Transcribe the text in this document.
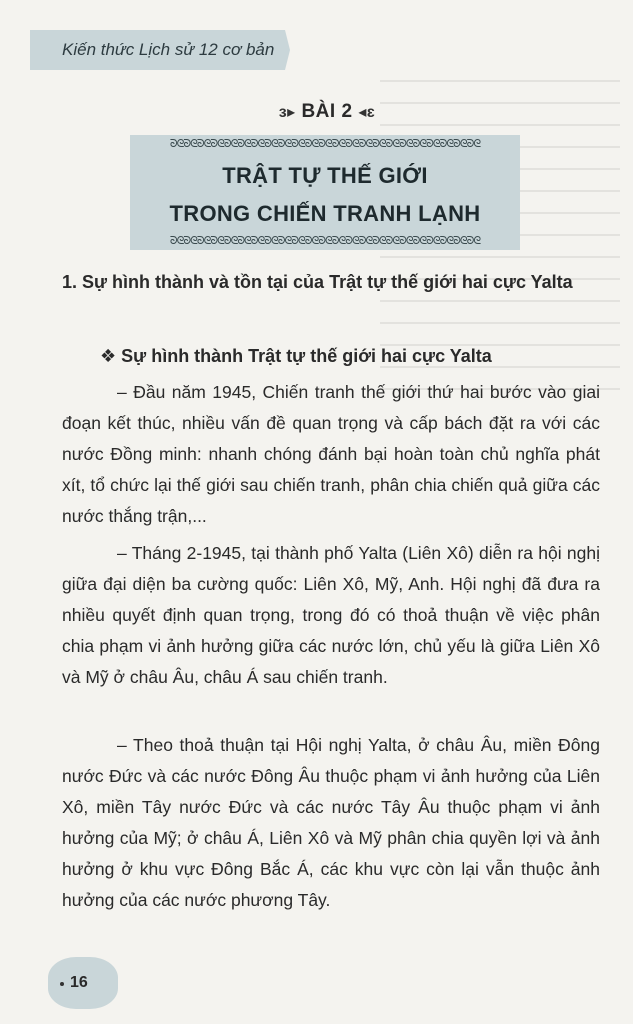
Kiến thức Lịch sử 12 cơ bản
ɜ▸ BÀI 2 ◂ɛ
ᘐᘓᘐᘓᘐᘓᘐᘓᘐᘓᘐᘓᘐᘓᘐᘓᘐᘓᘐᘓᘐᘓᘐᘓᘐᘓᘐᘓᘐᘓᘐᘓᘐᘓᘐᘓᘐᘓᘐᘓᘐᘓᘐᘓᘐᘓ
TRẬT TỰ THẾ GIỚI
TRONG CHIẾN TRANH LẠNH
ᘐᘓᘐᘓᘐᘓᘐᘓᘐᘓᘐᘓᘐᘓᘐᘓᘐᘓᘐᘓᘐᘓᘐᘓᘐᘓᘐᘓᘐᘓᘐᘓᘐᘓᘐᘓᘐᘓᘐᘓᘐᘓᘐᘓᘐᘓ
1. Sự hình thành và tồn tại của Trật tự thế giới hai cực Yalta
❖ Sự hình thành Trật tự thế giới hai cực Yalta
– Đầu năm 1945, Chiến tranh thế giới thứ hai bước vào giai đoạn kết thúc, nhiều vấn đề quan trọng và cấp bách đặt ra với các nước Đồng minh: nhanh chóng đánh bại hoàn toàn chủ nghĩa phát xít, tổ chức lại thế giới sau chiến tranh, phân chia chiến quả giữa các nước thắng trận,...
– Tháng 2-1945, tại thành phố Yalta (Liên Xô) diễn ra hội nghị giữa đại diện ba cường quốc: Liên Xô, Mỹ, Anh. Hội nghị đã đưa ra nhiều quyết định quan trọng, trong đó có thoả thuận về việc phân chia phạm vi ảnh hưởng giữa các nước lớn, chủ yếu là giữa Liên Xô và Mỹ ở châu Âu, châu Á sau chiến tranh.
– Theo thoả thuận tại Hội nghị Yalta, ở châu Âu, miền Đông nước Đức và các nước Đông Âu thuộc phạm vi ảnh hưởng của Liên Xô, miền Tây nước Đức và các nước Tây Âu thuộc phạm vi ảnh hưởng của Mỹ; ở châu Á, Liên Xô và Mỹ phân chia quyền lợi và ảnh hưởng ở khu vực Đông Bắc Á, các khu vực còn lại vẫn thuộc ảnh hưởng của các nước phương Tây.
16
